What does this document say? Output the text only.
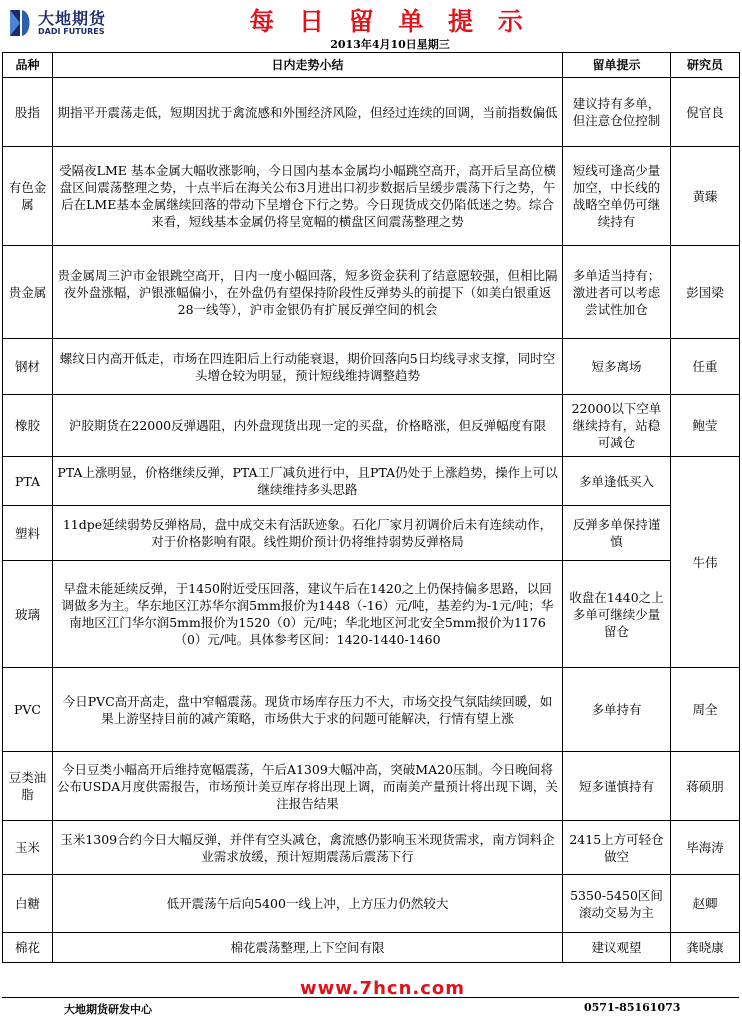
大地期货
DADI FUTURES	每 日 留 单 提 示
2013年4月10日星期三
品种	日内走势小结	留单提示	研究员
股指	期指平开震荡走低，短期因扰于禽流感和外围经济风险，但经过连续的回调，当前指数偏低	建议持有多单，但注意仓位控制	倪官良
有色金属	受隔夜LME 基本金属大幅收涨影响，今日国内基本金属均小幅跳空高开，高开后呈高位横盘区间震荡整理之势，十点半后在海关公布3月进出口初步数据后呈缓步震荡下行之势，午后在LME基本金属继续回落的带动下呈增仓下行之势。今日现货成交仍陷低迷之势。综合来看，短线基本金属仍将呈宽幅的横盘区间震荡整理之势	短线可逢高少量加空，中长线的战略空单仍可继续持有	黄臻
贵金属	贵金属周三沪市金银跳空高开，日内一度小幅回落，短多资金获利了结意愿较强，但相比隔夜外盘涨幅，沪银涨幅偏小，在外盘仍有望保持阶段性反弹势头的前提下（如美白银重返28一线等），沪市金银仍有扩展反弹空间的机会	多单适当持有；激进者可以考虑尝试性加仓	彭国梁
钢材	螺纹日内高开低走，市场在四连阳后上行动能衰退，期价回落向5日均线寻求支撑，同时空头增仓较为明显，预计短线维持调整趋势	短多离场	任重
橡胶	沪胶期货在22000反弹遇阻，内外盘现货出现一定的买盘，价格略涨，但反弹幅度有限	22000以下空单继续持有，站稳可减仓	鲍莹
PTA	PTA上涨明显，价格继续反弹，PTA工厂减负进行中，且PTA仍处于上涨趋势，操作上可以继续维持多头思路	多单逢低买入	牛伟
塑料	11dpe延续弱势反弹格局，盘中成交未有活跃迹象。石化厂家月初调价后未有连续动作，对于价格影响有限。线性期价预计仍将维持弱势反弹格局	反弹多单保持谨慎	
玻璃	早盘未能延续反弹，于1450附近受压回落，建议午后在1420之上仍保持偏多思路，以回调做多为主。华东地区江苏华尔润5mm报价为1448（-16）元/吨，基差约为-1元/吨；华南地区江门华尔润5mm报价为1520（0）元/吨；华北地区河北安全5mm报价为1176（0）元/吨。具体参考区间：1420-1440-1460	收盘在1440之上多单可继续少量留仓	
PVC	今日PVC高开高走，盘中窄幅震荡。现货市场库存压力不大，市场交投气氛陆续回暖，如果上游坚持目前的减产策略，市场供大于求的问题可能解决，行情有望上涨	多单持有	周全
豆类油脂	今日豆类小幅高开后维持宽幅震荡，午后A1309大幅冲高，突破MA20压制。今日晚间将公布USDA月度供需报告，市场预计美豆库存将出现上调，而南美产量预计将出现下调，关注报告结果	短多谨慎持有	蒋硕朋
玉米	玉米1309合约今日大幅反弹，并伴有空头减仓，禽流感仍影响玉米现货需求，南方饲料企业需求放缓，预计短期震荡后震荡下行	2415上方可轻仓做空	毕海涛
白糖	低开震荡午后向5400一线上冲，上方压力仍然较大	5350-5450区间滚动交易为主	赵卿
棉花	棉花震荡整理,上下空间有限	建议观望	龚晓康
www.7hcn.com
大地期货研发中心	0571-85161073
